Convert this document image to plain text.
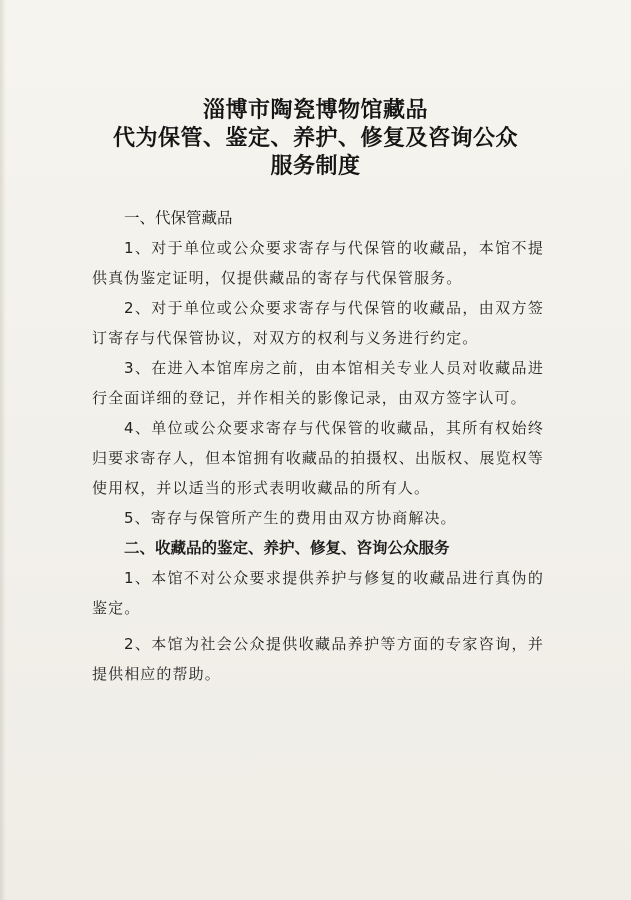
淄博市陶瓷博物馆藏品
代为保管、鉴定、养护、修复及咨询公众
服务制度

一、代保管藏品

1、对于单位或公众要求寄存与代保管的收藏品，本馆不提供真伪鉴定证明，仅提供藏品的寄存与代保管服务。

2、对于单位或公众要求寄存与代保管的收藏品，由双方签订寄存与代保管协议，对双方的权利与义务进行约定。

3、在进入本馆库房之前，由本馆相关专业人员对收藏品进行全面详细的登记，并作相关的影像记录，由双方签字认可。

4、单位或公众要求寄存与代保管的收藏品，其所有权始终归要求寄存人，但本馆拥有收藏品的拍摄权、出版权、展览权等使用权，并以适当的形式表明收藏品的所有人。

5、寄存与保管所产生的费用由双方协商解决。

二、收藏品的鉴定、养护、修复、咨询公众服务

1、本馆不对公众要求提供养护与修复的收藏品进行真伪的鉴定。

2、本馆为社会公众提供收藏品养护等方面的专家咨询，并提供相应的帮助。
